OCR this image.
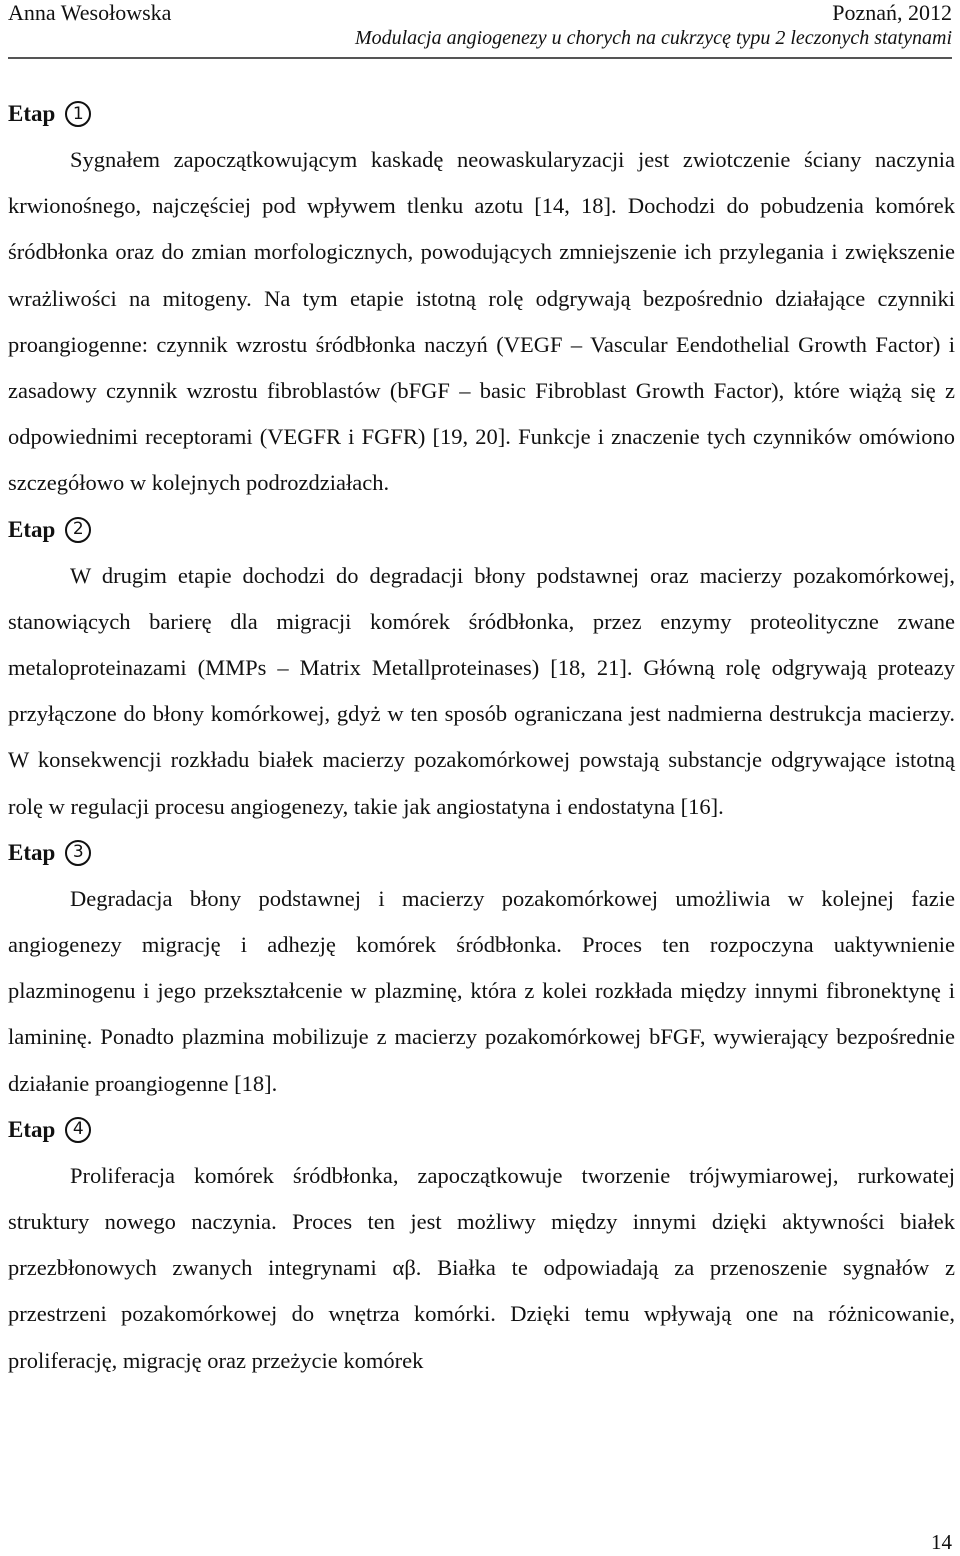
Anna Wesołowska	Poznań, 2012
Modulacja angiogenezy u chorych na cukrzycę typu 2 leczonych statynami
Etap	1

Sygnałem zapoczątkowującym kaskadę neowaskularyzacji jest zwiotczenie ściany naczynia krwionośnego, najczęściej pod wpływem tlenku azotu [14, 18]. Dochodzi do pobudzenia komórek śródbłonka oraz do zmian morfologicznych, powodujących zmniejszenie ich przylegania i zwiększenie wrażliwości na mitogeny. Na tym etapie istotną rolę odgrywają bezpośrednio działające czynniki proangiogenne: czynnik wzrostu śródbłonka naczyń (VEGF – Vascular Eendothelial Growth Factor) i zasadowy czynnik wzrostu fibroblastów (bFGF – basic Fibroblast Growth Factor), które wiążą się z odpowiednimi receptorami (VEGFR i FGFR) [19, 20]. Funkcje i znaczenie tych czynników omówiono szczegółowo w kolejnych podrozdziałach.

Etap	2

W drugim etapie dochodzi do degradacji błony podstawnej oraz macierzy pozakomórkowej, stanowiących barierę dla migracji komórek śródbłonka, przez enzymy proteolityczne zwane metaloproteinazami (MMPs – Matrix Metallproteinases) [18, 21]. Główną rolę odgrywają proteazy przyłączone do błony komórkowej, gdyż w ten sposób ograniczana jest nadmierna destrukcja macierzy. W konsekwencji rozkładu białek macierzy pozakomórkowej powstają substancje odgrywające istotną rolę w regulacji procesu angiogenezy, takie jak angiostatyna i endostatyna [16].

Etap	3

Degradacja błony podstawnej i macierzy pozakomórkowej umożliwia w kolejnej fazie angiogenezy migrację i adhezję komórek śródbłonka. Proces ten rozpoczyna uaktywnienie plazminogenu i jego przekształcenie w plazminę, która z kolei rozkłada między innymi fibronektynę i lamininę. Ponadto plazmina mobilizuje z macierzy pozakomórkowej bFGF, wywierający bezpośrednie działanie proangiogenne [18].

Etap	4

Proliferacja komórek śródbłonka, zapoczątkowuje tworzenie trójwymiarowej, rurkowatej struktury nowego naczynia. Proces ten jest możliwy między innymi dzięki aktywności białek przezbłonowych zwanych integrynami αβ. Białka te odpowiadają za przenoszenie sygnałów z przestrzeni pozakomórkowej do wnętrza komórki. Dzięki temu wpływają one na różnicowanie, proliferację, migrację oraz przeżycie komórek

14
